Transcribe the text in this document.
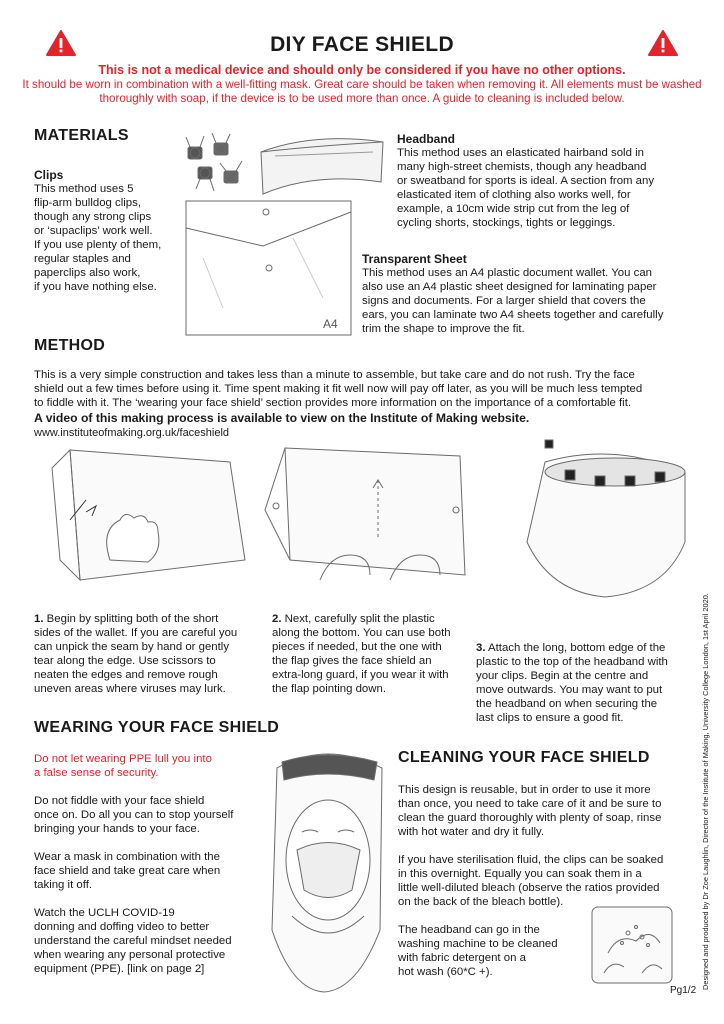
DIY FACE SHIELD
This is not a medical device and should only be considered if you have no other options.
It should be worn in combination with a well-fitting mask. Great care should be taken when removing it. All elements must be washed thoroughly with soap, if the device is to be used more than once. A guide to cleaning is included below.
MATERIALS
Clips
This method uses 5
flip-arm bulldog clips,
though any strong clips
or ‘supaclips’ work well.
If you use plenty of them,
regular staples and
paperclips also work,
if you have nothing else.
A4
Headband
This method uses an elasticated hairband sold in
many high-street chemists, though any headband
or sweatband for sports is ideal. A section from any
elasticated item of clothing also works well, for
example, a 10cm wide strip cut from the leg of
cycling shorts, stockings, tights or leggings.
Transparent Sheet
This method uses an A4 plastic document wallet. You can
also use an A4 plastic sheet designed for laminating paper
signs and documents. For a larger shield that covers the
ears, you can laminate two A4 sheets together and carefully
trim the shape to improve the fit.
METHOD
This is a very simple construction and takes less than a minute to assemble, but take care and do not rush. Try the face
shield out a few times before using it. Time spent making it fit well now will pay off later, as you will be much less tempted
to fiddle with it. The ‘wearing your face shield’ section provides more information on the importance of a comfortable fit.
A video of this making process is available to view on the Institute of Making website.
www.instituteofmaking.org.uk/faceshield
1. Begin by splitting both of the short
sides of the wallet. If you are careful you
can unpick the seam by hand or gently
tear along the edge. Use scissors to
neaten the edges and remove rough
uneven areas where viruses may lurk.
2. Next, carefully split the plastic
along the bottom. You can use both
pieces if needed, but the one with
the flap gives the face shield an
extra-long guard, if you wear it with
the flap pointing down.
3. Attach the long, bottom edge of the
plastic to the top of the headband with
your clips. Begin at the centre and
move outwards. You may want to put
the headband on when securing the
last clips to ensure a good fit.
WEARING YOUR FACE SHIELD
Do not let wearing PPE lull you into
a false sense of security.
Do not fiddle with your face shield
once on. Do all you can to stop yourself
bringing your hands to your face.
Wear a mask in combination with the
face shield and take great care when
taking it off.
Watch the UCLH COVID-19
donning and doffing video to better
understand the careful mindset needed
when wearing any personal protective
equipment (PPE). [link on page 2]
CLEANING YOUR FACE SHIELD
This design is reusable, but in order to use it more
than once, you need to take care of it and be sure to
clean the guard thoroughly with plenty of soap, rinse
with hot water and dry it fully.
If you have sterilisation fluid, the clips can be soaked
in this overnight. Equally you can soak them in a
little well-diluted bleach (observe the ratios provided
on the back of the bleach bottle).
The headband can go in the
washing machine to be cleaned
with fabric detergent on a
hot wash (60*C +).	Designed and produced by Dr Zoe Laughlin, Director of the Institute of Making, University College London, 1st April 2020.
Pg1/2
